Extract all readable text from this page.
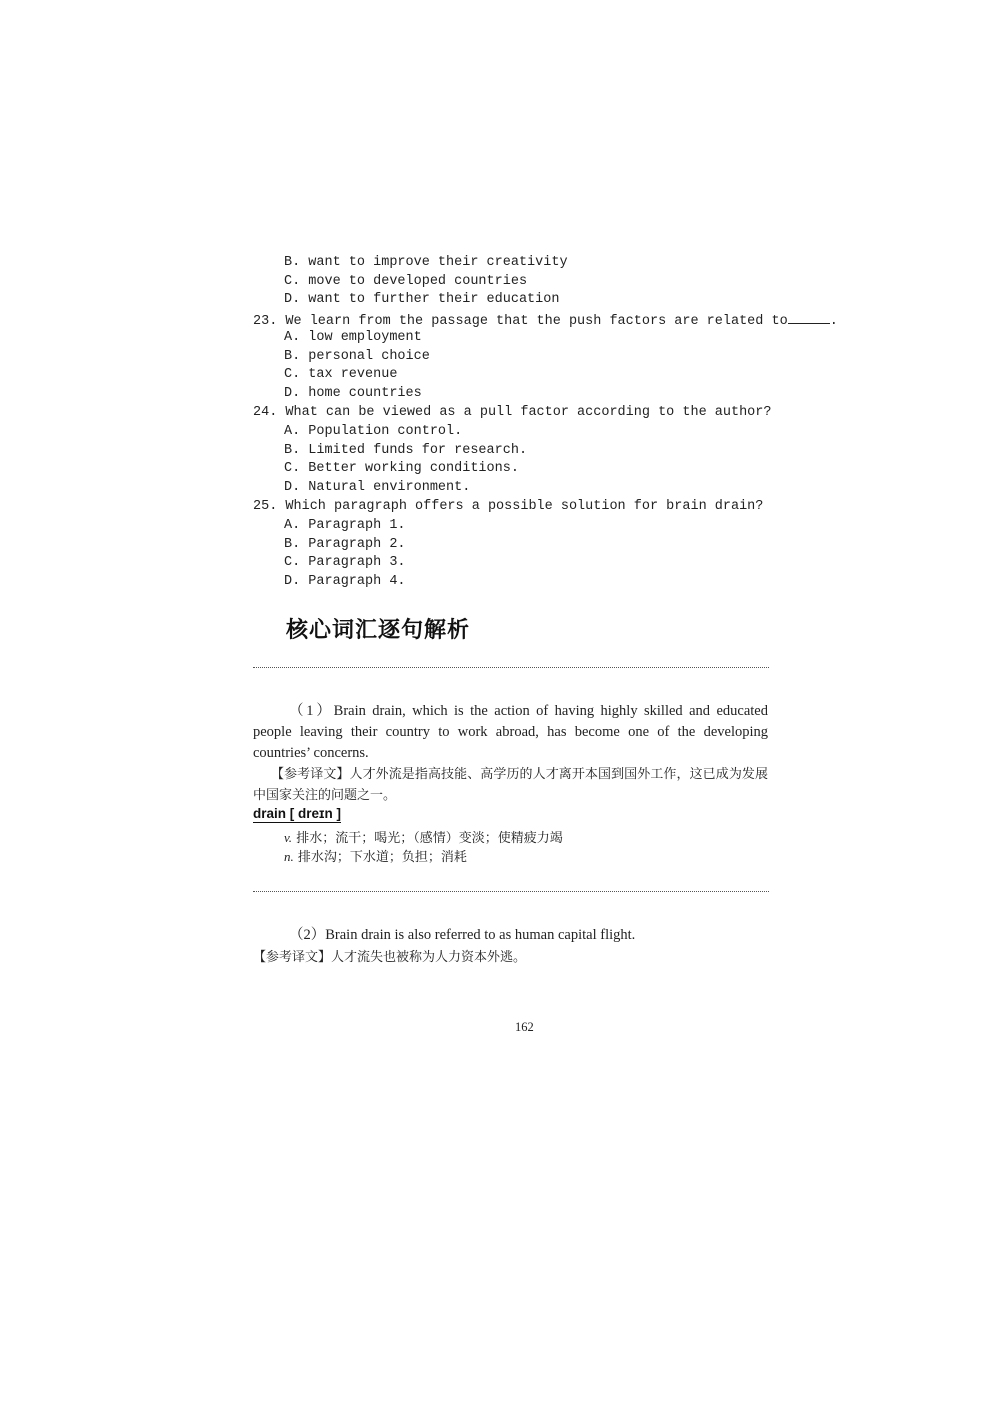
B. want to improve their creativity
C. move to developed countries
D. want to further their education
23. We learn from the passage that the push factors are related to	.
A. low employment
B. personal choice
C. tax revenue
D. home countries
24. What can be viewed as a pull factor according to the author?
A. Population control.
B. Limited funds for research.
C. Better working conditions.
D. Natural environment.
25. Which paragraph offers a possible solution for brain drain?
A. Paragraph 1.
B. Paragraph 2.
C. Paragraph 3.
D. Paragraph 4.
核心词汇逐句解析
（1）Brain drain, which is the action of having highly skilled and educated people leaving their country to work abroad, has become one of the developing countries’ concerns.
【参考译文】人才外流是指高技能、高学历的人才离开本国到国外工作，这已成为发展中国家关注的问题之一。
drain [ dreɪn ]
v. 排水；流干；喝光；（感情）变淡；使精疲力竭
n. 排水沟；下水道；负担；消耗
（2）Brain drain is also referred to as human capital flight.
【参考译文】人才流失也被称为人力资本外逃。
162
